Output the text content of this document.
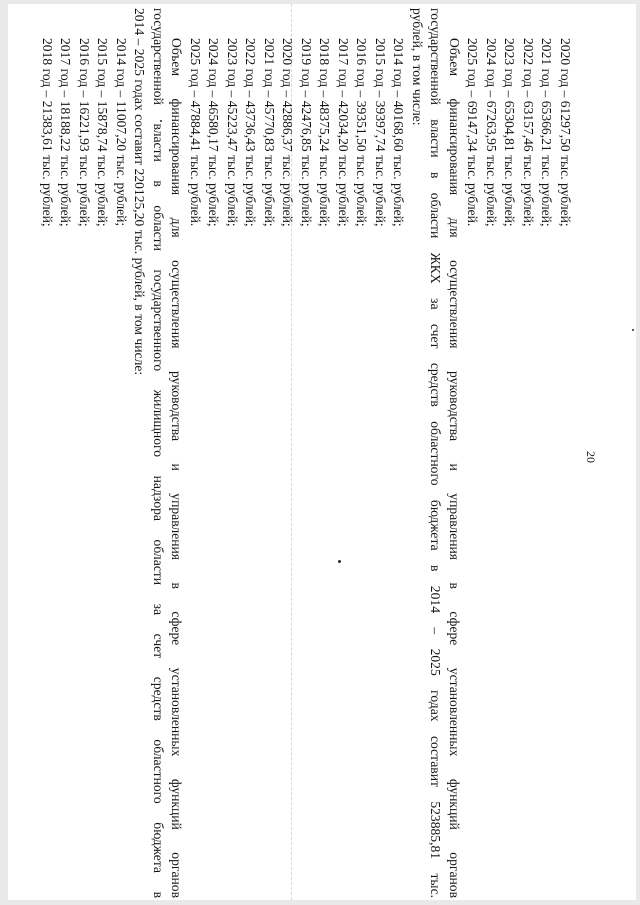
20
2020 год – 61297,50 тыс. рублей;
2021 год – 65366,21 тыс. рублей;
2022 год – 63157,46 тыс. рублей;
2023 год – 65304,81 тыс. рублей;
2024 год – 67263,95 тыс. рублей;
2025 год – 69147,34 тыс. рублей.
Объем финансирования для осуществления руководства и управления в сфере установленных функций органов
государственной власти в области ЖКХ за счет средств областного бюджета в 2014 – 2025 годах составит 523885,81 тыс.
рублей, в том числе:
2014 год – 40168,60 тыс. рублей;
2015 год – 39397,74 тыс. рублей;
2016 год – 39351,50 тыс. рублей;
2017 год – 42034,20 тыс. рублей;
2018 год – 48375,24 тыс. рублей;
2019 год – 42476,85 тыс. рублей;
2020 год – 42886,37 тыс. рублей;
2021 год – 45770,83 тыс. рублей;
2022 год – 43736,43 тыс. рублей;
2023 год – 45223,47 тыс. рублей;
2024 год – 46580,17 тыс. рублей;
2025 год – 47884,41 тыс. рублей.
Объем финансирования для осуществления руководства и управления в сфере установленных функций органов
государственной власти в области государственного жилищного надзора области за счет средств областного бюджета в
2014 – 2025 годах составит 220125,20 тыс. рублей, в том числе:
2014 год – 11007,20 тыс. рублей;
2015 год – 15878,74 тыс. рублей;
2016 год – 16221,93 тыс. рублей;
2017 год – 18188,22 тыс. рублей;
2018 год – 21383,61 тыс. рублей;
